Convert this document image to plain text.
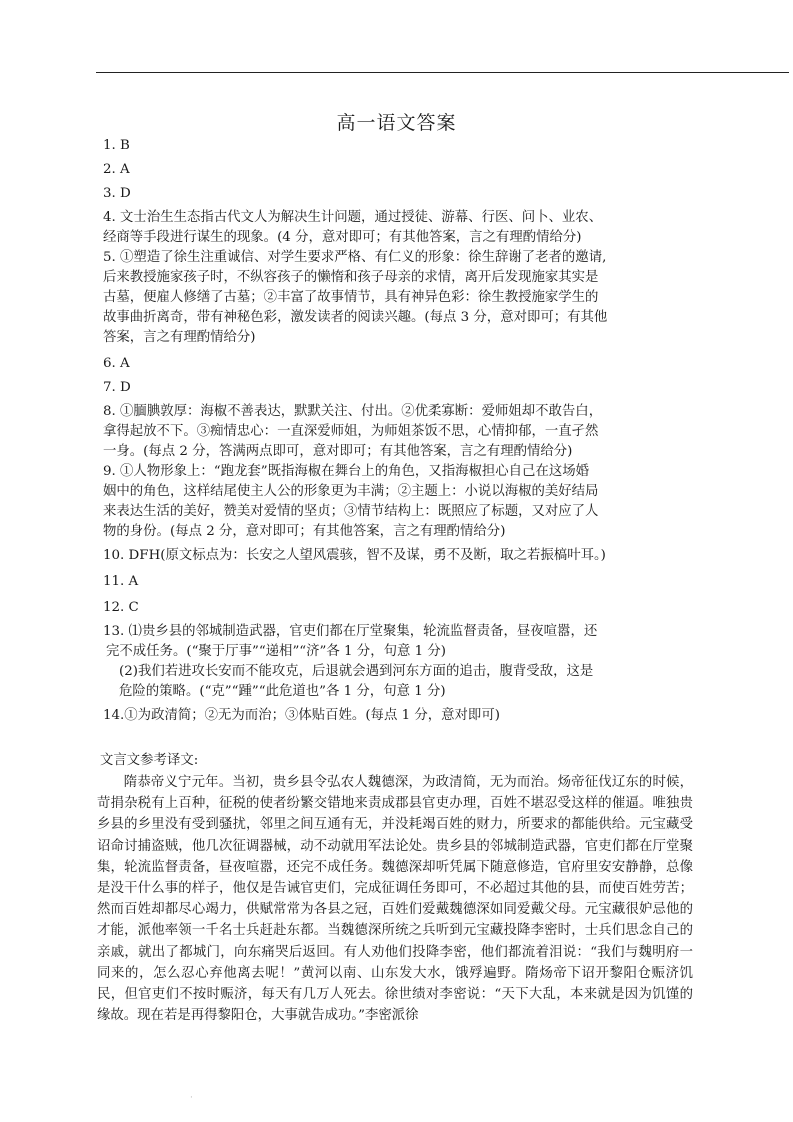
高一语文答案
1. B
2. A
3. D
4. 文士治生生态指古代文人为解决生计问题，通过授徒、游幕、行医、问卜、业农、
经商等手段进行谋生的现象。(4 分，意对即可；有其他答案，言之有理酌情给分)
5. ①塑造了徐生注重诚信、对学生要求严格、有仁义的形象：徐生辞谢了老者的邀请,
后来教授施家孩子时，不纵容孩子的懒惰和孩子母亲的求情，离开后发现施家其实是
古墓，便雇人修缮了古墓；②丰富了故事情节，具有神异色彩：徐生教授施家学生的
故事曲折离奇，带有神秘色彩，激发读者的阅读兴趣。(每点 3 分，意对即可；有其他
答案，言之有理酌情给分)
6. A
7. D
8. ①腼腆敦厚：海椒不善表达，默默关注、付出。②优柔寡断：爱师姐却不敢告白，
拿得起放不下。③痴情忠心：一直深爱师姐，为师姐茶饭不思，心情抑郁，一直孑然
一身。(每点 2 分，答满两点即可，意对即可；有其他答案，言之有理酌情给分)
9. ①人物形象上：“跑龙套”既指海椒在舞台上的角色，又指海椒担心自己在这场婚
姻中的角色，这样结尾使主人公的形象更为丰满；②主题上：小说以海椒的美好结局
来表达生活的美好，赞美对爱情的坚贞；③情节结构上：既照应了标题，又对应了人
物的身份。(每点 2 分，意对即可；有其他答案，言之有理酌情给分)
10. DFH(原文标点为：长安之人望风震骇，智不及谋，勇不及断，取之若振槁叶耳。)
11. A
12. C
13. ⑴贵乡县的邻城制造武器，官吏们都在厅堂聚集，轮流监督责备，昼夜喧嚣，还
完不成任务。(“聚于厅事”“递相”“济”各 1 分，句意 1 分)
(2)我们若进攻长安而不能攻克，后退就会遇到河东方面的追击，腹背受敌，这是
危险的策略。(“克”“踵”“此危道也”各 1 分，句意 1 分)
14.①为政清简；②无为而治；③体贴百姓。(每点 1 分，意对即可)
文言文参考译文:
隋恭帝义宁元年。当初，贵乡县令弘农人魏德深，为政清简，无为而治。炀帝征伐辽东的时候，苛捐杂税有上百种，征税的使者纷繁交错地来责成郡县官吏办理，百姓不堪忍受这样的催逼。唯独贵乡县的乡里没有受到骚扰，邻里之间互通有无，并没耗竭百姓的财力，所要求的都能供给。元宝藏受诏命讨捕盗贼，他几次征调器械，动不动就用军法论处。贵乡县的邻城制造武器，官吏们都在厅堂聚集，轮流监督责备，昼夜喧嚣，还完不成任务。魏德深却听凭属下随意修造，官府里安安静静，总像是没干什么事的样子，他仅是告诫官吏们，完成征调任务即可，不必超过其他的县，而使百姓劳苦；然而百姓却都尽心竭力，供赋常常为各县之冠，百姓们爱戴魏德深如同爱戴父母。元宝藏很妒忌他的才能，派他率领一千名士兵赶赴东都。当魏德深所统之兵听到元宝藏投降李密时，士兵们思念自己的亲戚，就出了都城门，向东痛哭后返回。有人劝他们投降李密，他们都流着泪说：“我们与魏明府一同来的，怎么忍心弃他离去呢！”黄河以南、山东发大水，饿殍遍野。隋炀帝下诏开黎阳仓赈济饥民，但官吏们不按时赈济，每天有几万人死去。徐世绩对李密说：“天下大乱，本来就是因为饥馑的缘故。现在若是再得黎阳仓，大事就告成功。”李密派徐
·
